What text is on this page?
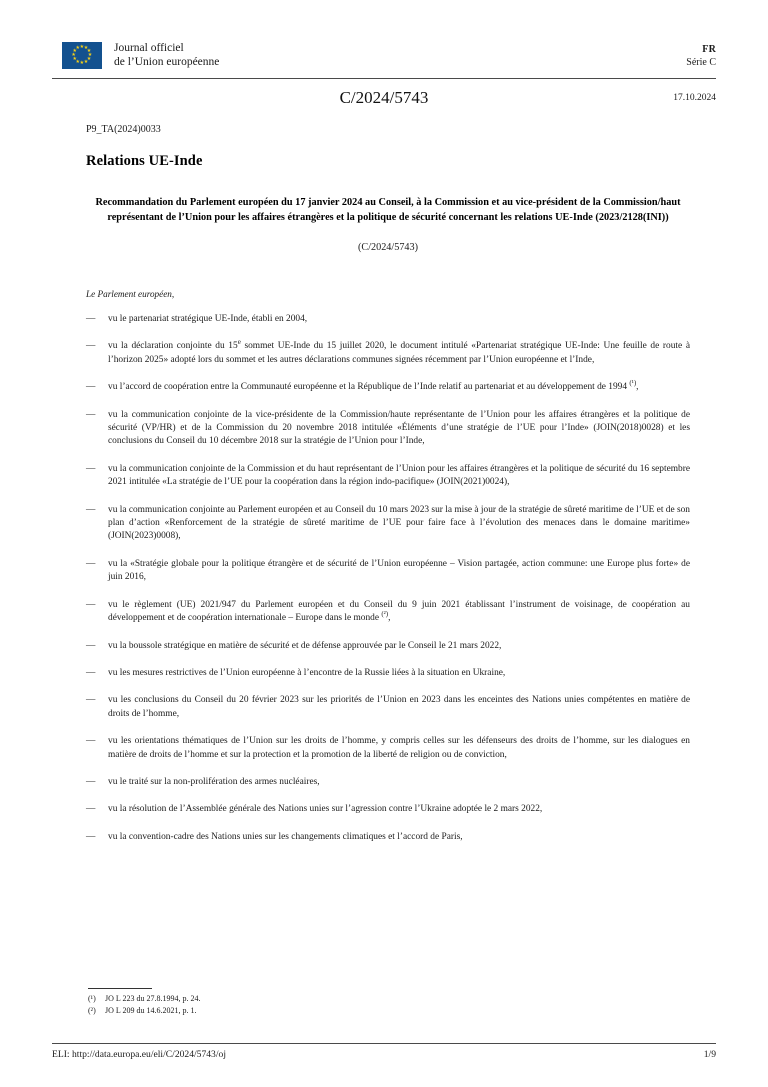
Journal officiel
de l’Union européenne
FR
Série C
C/2024/5743	17.10.2024
P9_TA(2024)0033
Relations UE-Inde
Recommandation du Parlement européen du 17 janvier 2024 au Conseil, à la Commission et au vice-président de la Commission/haut représentant de l’Union pour les affaires étrangères et la politique de sécurité concernant les relations UE-Inde (2023/2128(INI))
(C/2024/5743)
Le Parlement européen,
— vu le partenariat stratégique UE-Inde, établi en 2004,
— vu la déclaration conjointe du 15e sommet UE-Inde du 15 juillet 2020, le document intitulé «Partenariat stratégique UE-Inde: Une feuille de route à l’horizon 2025» adopté lors du sommet et les autres déclarations communes signées récemment par l’Union européenne et l’Inde,
— vu l’accord de coopération entre la Communauté européenne et la République de l’Inde relatif au partenariat et au développement de 1994 $^{(^1)}$,
— vu la communication conjointe de la vice-présidente de la Commission/haute représentante de l’Union pour les affaires étrangères et la politique de sécurité (VP/HR) et de la Commission du 20 novembre 2018 intitulée «Éléments d’une stratégie de l’UE pour l’Inde» (JOIN(2018)0028) et les conclusions du Conseil du 10 décembre 2018 sur la stratégie de l’Union pour l’Inde,
— vu la communication conjointe de la Commission et du haut représentant de l’Union pour les affaires étrangères et la politique de sécurité du 16 septembre 2021 intitulée «La stratégie de l’UE pour la coopération dans la région indo-pacifique» (JOIN(2021)0024),
— vu la communication conjointe au Parlement européen et au Conseil du 10 mars 2023 sur la mise à jour de la stratégie de sûreté maritime de l’UE et de son plan d’action «Renforcement de la stratégie de sûreté maritime de l’UE pour faire face à l’évolution des menaces dans le domaine maritime» (JOIN(2023)0008),
— vu la «Stratégie globale pour la politique étrangère et de sécurité de l’Union européenne – Vision partagée, action commune: une Europe plus forte» de juin 2016,
— vu le règlement (UE) 2021/947 du Parlement européen et du Conseil du 9 juin 2021 établissant l’instrument de voisinage, de coopération au développement et de coopération internationale – Europe dans le monde $^{(^2)}$,
— vu la boussole stratégique en matière de sécurité et de défense approuvée par le Conseil le 21 mars 2022,
— vu les mesures restrictives de l’Union européenne à l’encontre de la Russie liées à la situation en Ukraine,
— vu les conclusions du Conseil du 20 février 2023 sur les priorités de l’Union en 2023 dans les enceintes des Nations unies compétentes en matière de droits de l’homme,
— vu les orientations thématiques de l’Union sur les droits de l’homme, y compris celles sur les défenseurs des droits de l’homme, sur les dialogues en matière de droits de l’homme et sur la protection et la promotion de la liberté de religion ou de conviction,
— vu le traité sur la non-prolifération des armes nucléaires,
— vu la résolution de l’Assemblée générale des Nations unies sur l’agression contre l’Ukraine adoptée le 2 mars 2022,
— vu la convention-cadre des Nations unies sur les changements climatiques et l’accord de Paris,
(¹) JO L 223 du 27.8.1994, p. 24.
(²) JO L 209 du 14.6.2021, p. 1.
ELI: http://data.europa.eu/eli/C/2024/5743/oj	1/9
